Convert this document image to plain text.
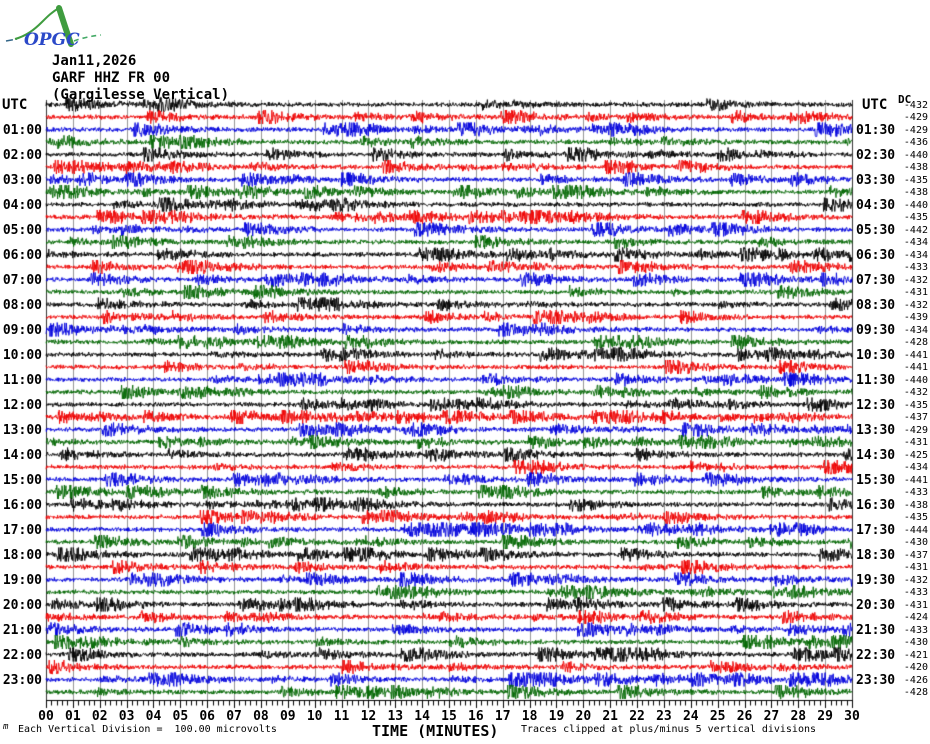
OPGC
Jan11,2026
GARF HHZ FR 00
(Gargilesse Vertical)
UTC	UTC DC
01:00
02:00
03:00
04:00
05:00
06:00
07:00
08:00
09:00
10:00
11:00
12:00
13:00
14:00
15:00
16:00
17:00
18:00
19:00
20:00
21:00
22:00
23:00
01:30
02:30
03:30
04:30
05:30
06:30
07:30
08:30
09:30
10:30
11:30
12:30
13:30
14:30
15:30
16:30
17:30
18:30
19:30
20:30
21:30
22:30
23:30
-432
-429
-429
-436
-440
-438
-435
-438
-440
-435
-442
-434
-434
-433
-432
-431
-432
-439
-434
-428
-441
-441
-440
-432
-435
-437
-429
-431
-425
-434
-441
-433
-438
-435
-444
-430
-437
-431
-432
-433
-431
-424
-433
-430
-421
-420
-426
-428
00 01 02 03 04 05 06 07 08 09 10 11 12 13 14 15 16 17 18 19 20 21 22 23 24 25 26 27 28 29 30
m Each Vertical Division =  100.00 microvolts	TIME (MINUTES) Traces clipped at plus/minus 5 vertical divisions
